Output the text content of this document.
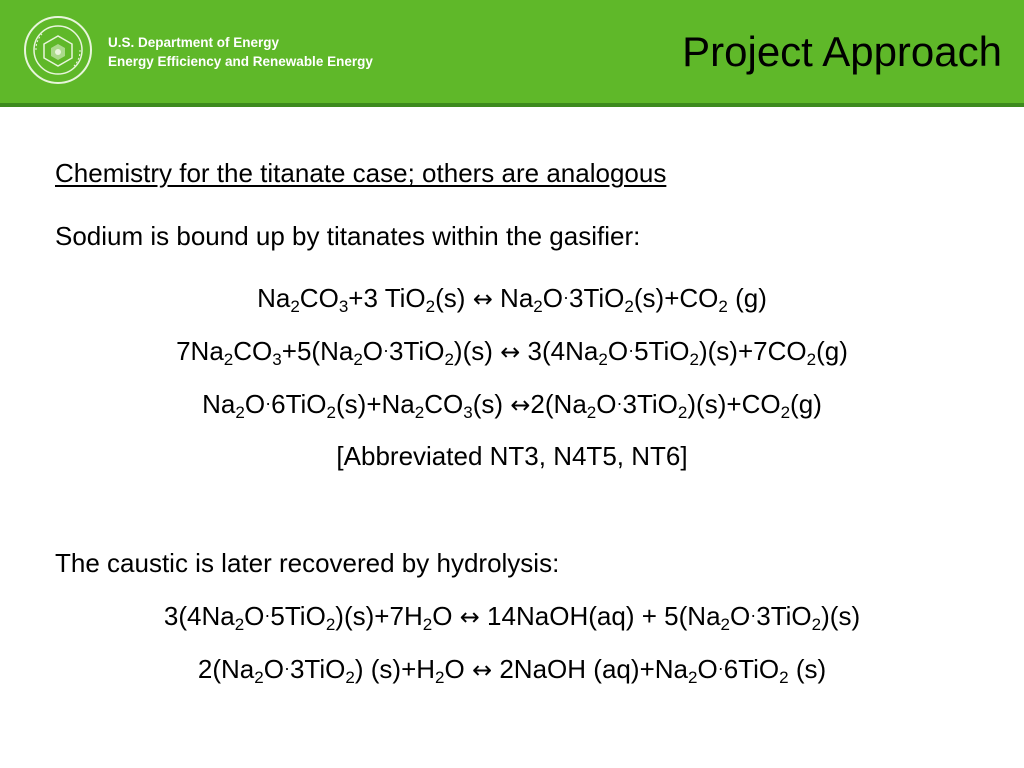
U.S. Department of Energy
Energy Efficiency and Renewable Energy	Project Approach
Chemistry for the titanate case; others are analogous
Sodium is bound up by titanates within the gasifier:
$Na_2CO_3+3$ TiO$_2$(s) ↔ $Na_2O\cdot 3TiO_2(s)+CO_2$ (g)
$7Na_2CO_3+5(Na_2O\cdot 3TiO_2)(s)$ ↔ $3(4Na_2O\cdot 5TiO_2)(s)+7CO_2(g)$
$Na_2O\cdot 6TiO_2(s)+Na_2CO_3(s)$ $\leftrightarrow 2(Na_2O\cdot 3TiO_2)(s)+CO_2(g)$
[Abbreviated NT3, N4T5, NT6]
The caustic is later recovered by hydrolysis:
$3(4Na_2O\cdot 5TiO_2)(s)+7H_2O$ ↔ 14NaOH(aq) + $5(Na_2O\cdot 3TiO_2)(s)$
$2(Na_2O\cdot 3TiO_2)$ $(s)+H_2O$ ↔ 2NaOH $(aq)+Na_2O\cdot 6TiO_2$ (s)
